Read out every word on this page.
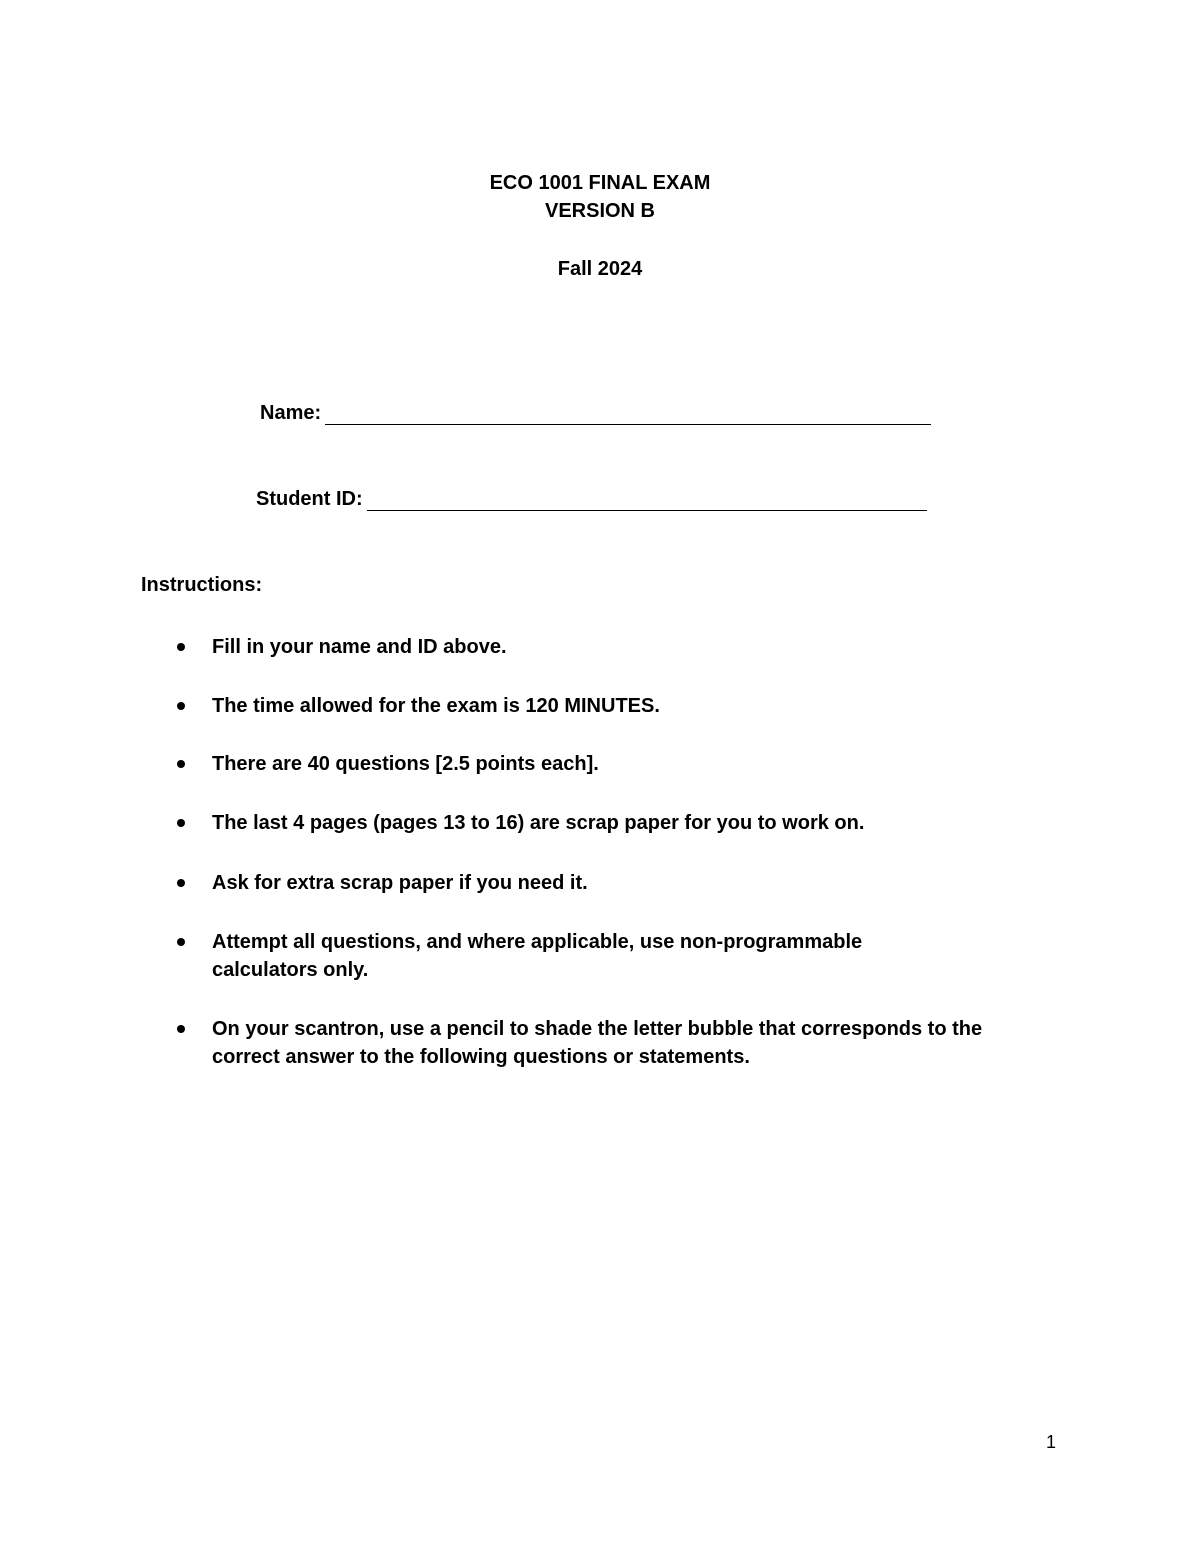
ECO 1001 FINAL EXAM
VERSION B
Fall 2024
Name:
Student ID:
Instructions:
Fill in your name and ID above.
The time allowed for the exam is 120 MINUTES.
There are 40 questions [2.5 points each].
The last 4 pages (pages 13 to 16) are scrap paper for you to work on.
Ask for extra scrap paper if you need it.
Attempt all questions, and where applicable, use non-programmable calculators only.
On your scantron, use a pencil to shade the letter bubble that corresponds to the correct answer to the following questions or statements.
1
